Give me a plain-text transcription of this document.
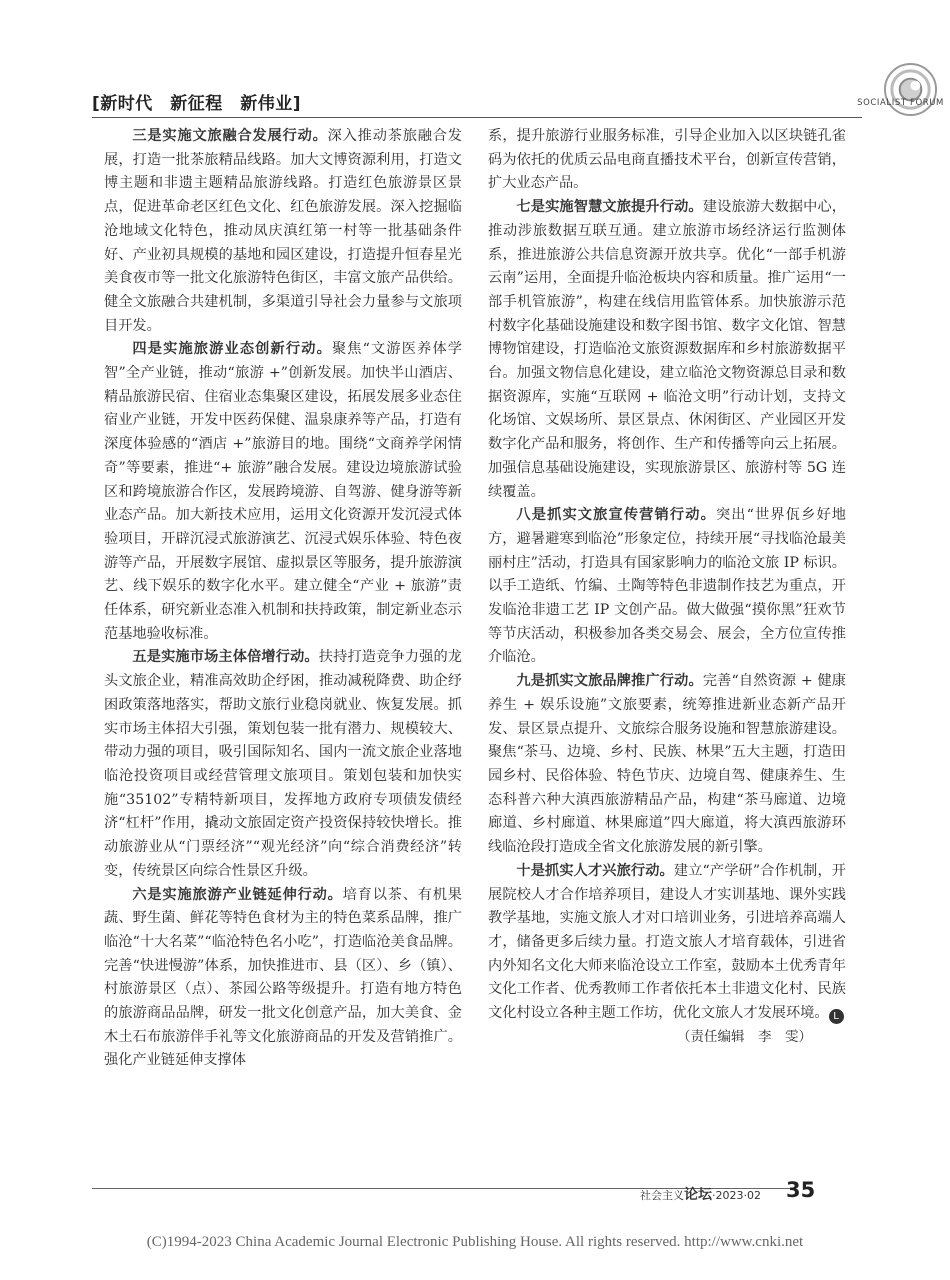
[新时代　新征程　新伟业]	SOCIALIST FORUM

三是实施文旅融合发展行动。深入推动茶旅融合发展，打造一批茶旅精品线路。加大文博资源利用，打造文博主题和非遗主题精品旅游线路。打造红色旅游景区景点，促进革命老区红色文化、红色旅游发展。深入挖掘临沧地域文化特色，推动凤庆滇红第一村等一批基础条件好、产业初具规模的基地和园区建设，打造提升恒春星光美食夜市等一批文化旅游特色街区，丰富文旅产品供给。健全文旅融合共建机制，多渠道引导社会力量参与文旅项目开发。

四是实施旅游业态创新行动。聚焦“文游医养体学智”全产业链，推动“旅游 +”创新发展。加快半山酒店、精品旅游民宿、住宿业态集聚区建设，拓展发展多业态住宿业产业链，开发中医药保健、温泉康养等产品，打造有深度体验感的“酒店 +”旅游目的地。围绕“文商养学闲情奇”等要素，推进“+ 旅游”融合发展。建设边境旅游试验区和跨境旅游合作区，发展跨境游、自驾游、健身游等新业态产品。加大新技术应用，运用文化资源开发沉浸式体验项目，开辟沉浸式旅游演艺、沉浸式娱乐体验、特色夜游等产品，开展数字展馆、虚拟景区等服务，提升旅游演艺、线下娱乐的数字化水平。建立健全“产业 + 旅游”责任体系，研究新业态准入机制和扶持政策，制定新业态示范基地验收标准。

五是实施市场主体倍增行动。扶持打造竞争力强的龙头文旅企业，精准高效助企纾困，推动减税降费、助企纾困政策落地落实，帮助文旅行业稳岗就业、恢复发展。抓实市场主体招大引强，策划包装一批有潜力、规模较大、带动力强的项目，吸引国际知名、国内一流文旅企业落地临沧投资项目或经营管理文旅项目。策划包装和加快实施“35102”专精特新项目，发挥地方政府专项债发债经济“杠杆”作用，撬动文旅固定资产投资保持较快增长。推动旅游业从“门票经济”“观光经济”向“综合消费经济”转变，传统景区向综合性景区升级。

六是实施旅游产业链延伸行动。培育以茶、有机果蔬、野生菌、鲜花等特色食材为主的特色菜系品牌，推广临沧“十大名菜”“临沧特色名小吃”，打造临沧美食品牌。完善“快进慢游”体系，加快推进市、县（区）、乡（镇）、村旅游景区（点）、茶园公路等级提升。打造有地方特色的旅游商品品牌，研发一批文化创意产品，加大美食、金木土石布旅游伴手礼等文化旅游商品的开发及营销推广。强化产业链延伸支撑体

系，提升旅游行业服务标准，引导企业加入以区块链孔雀码为依托的优质云品电商直播技术平台，创新宣传营销，扩大业态产品。

七是实施智慧文旅提升行动。建设旅游大数据中心，推动涉旅数据互联互通。建立旅游市场经济运行监测体系，推进旅游公共信息资源开放共享。优化“一部手机游云南”运用，全面提升临沧板块内容和质量。推广运用“一部手机管旅游”，构建在线信用监管体系。加快旅游示范村数字化基础设施建设和数字图书馆、数字文化馆、智慧博物馆建设，打造临沧文旅资源数据库和乡村旅游数据平台。加强文物信息化建设，建立临沧文物资源总目录和数据资源库，实施“互联网 + 临沧文明”行动计划，支持文化场馆、文娱场所、景区景点、休闲街区、产业园区开发数字化产品和服务，将创作、生产和传播等向云上拓展。加强信息基础设施建设，实现旅游景区、旅游村等 5G 连续覆盖。

八是抓实文旅宣传营销行动。突出“世界佤乡好地方，避暑避寒到临沧”形象定位，持续开展“寻找临沧最美丽村庄”活动，打造具有国家影响力的临沧文旅 IP 标识。以手工造纸、竹编、土陶等特色非遗制作技艺为重点，开发临沧非遗工艺 IP 文创产品。做大做强“摸你黑”狂欢节等节庆活动，积极参加各类交易会、展会，全方位宣传推介临沧。

九是抓实文旅品牌推广行动。完善“自然资源 + 健康养生 + 娱乐设施”文旅要素，统筹推进新业态新产品开发、景区景点提升、文旅综合服务设施和智慧旅游建设。聚焦“茶马、边境、乡村、民族、林果”五大主题，打造田园乡村、民俗体验、特色节庆、边境自驾、健康养生、生态科普六种大滇西旅游精品产品，构建“茶马廊道、边境廊道、乡村廊道、林果廊道”四大廊道，将大滇西旅游环线临沧段打造成全省文化旅游发展的新引擎。

十是抓实人才兴旅行动。建立“产学研”合作机制，开展院校人才合作培养项目，建设人才实训基地、课外实践教学基地，实施文旅人才对口培训业务，引进培养高端人才，储备更多后续力量。打造文旅人才培育载体，引进省内外知名文化大师来临沧设立工作室，鼓励本土优秀青年文化工作者、优秀教师工作者依托本土非遗文化村、民族文化村设立各种主题工作坊，优化文旅人才发展环境。 L

（责任编辑　李　雯）

社会主义论坛·2023·02 35
(C)1994-2023 China Academic Journal Electronic Publishing House. All rights reserved. http://www.cnki.net
